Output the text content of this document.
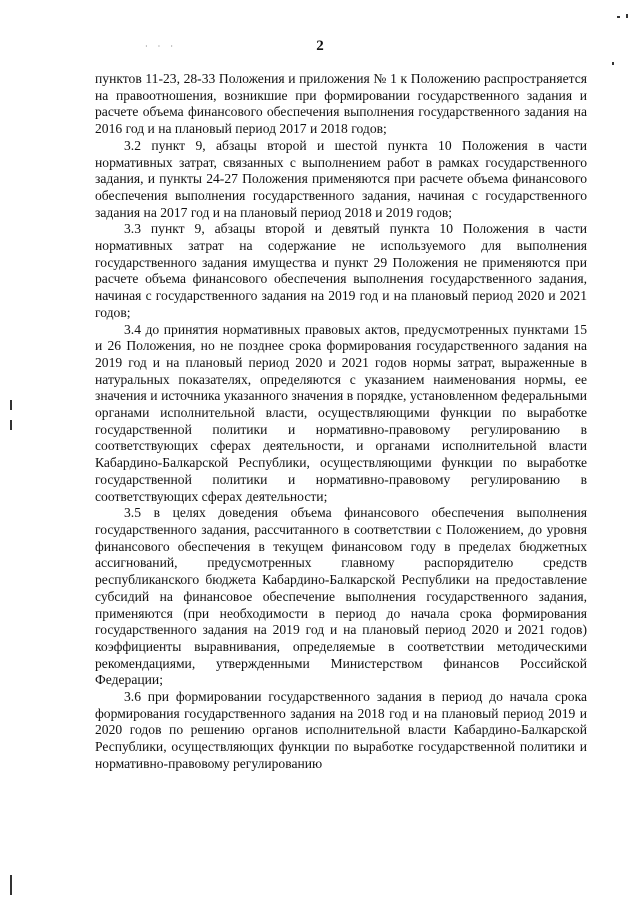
· · ·	2

пунктов 11-23, 28-33 Положения и приложения № 1 к Положению распространяется на правоотношения, возникшие при формировании государственного задания и расчете объема финансового обеспечения выполнения государственного задания на 2016 год и на плановый период 2017 и 2018 годов;

3.2 пункт 9, абзацы второй и шестой пункта 10 Положения в части нормативных затрат, связанных с выполнением работ в рамках государственного задания, и пункты 24-27 Положения применяются при расчете объема финансового обеспечения выполнения государственного задания, начиная с государственного задания на 2017 год и на плановый период 2018 и 2019 годов;

3.3 пункт 9, абзацы второй и девятый пункта 10 Положения в части нормативных затрат на содержание не используемого для выполнения государственного задания имущества и пункт 29 Положения не применяются при расчете объема финансового обеспечения выполнения государственного задания, начиная с государственного задания на 2019 год и на плановый период 2020 и 2021 годов;

3.4 до принятия нормативных правовых актов, предусмотренных пунктами 15 и 26 Положения, но не позднее срока формирования государственного задания на 2019 год и на плановый период 2020 и 2021 годов нормы затрат, выраженные в натуральных показателях, определяются с указанием наименования нормы, ее значения и источника указанного значения в порядке, установленном федеральными органами исполнительной власти, осуществляющими функции по выработке государственной политики и нормативно-правовому регулированию в соответствующих сферах деятельности, и органами исполнительной власти Кабардино-Балкарской Республики, осуществляющими функции по выработке государственной политики и нормативно-правовому регулированию в соответствующих сферах деятельности;

3.5 в целях доведения объема финансового обеспечения выполнения государственного задания, рассчитанного в соответствии с Положением, до уровня финансового обеспечения в текущем финансовом году в пределах бюджетных ассигнований, предусмотренных главному распорядителю средств республиканского бюджета Кабардино-Балкарской Республики на предоставление субсидий на финансовое обеспечение выполнения государственного задания, применяются (при необходимости в период до начала срока формирования государственного задания на 2019 год и на плановый период 2020 и 2021 годов) коэффициенты выравнивания, определяемые в соответствии методическими рекомендациями, утвержденными Министерством финансов Российской Федерации;

3.6 при формировании государственного задания в период до начала срока формирования государственного задания на 2018 год и на плановый период 2019 и 2020 годов по решению органов исполнительной власти Кабардино-Балкарской Республики, осуществляющих функции по выработке государственной политики и нормативно-правовому регулированию
